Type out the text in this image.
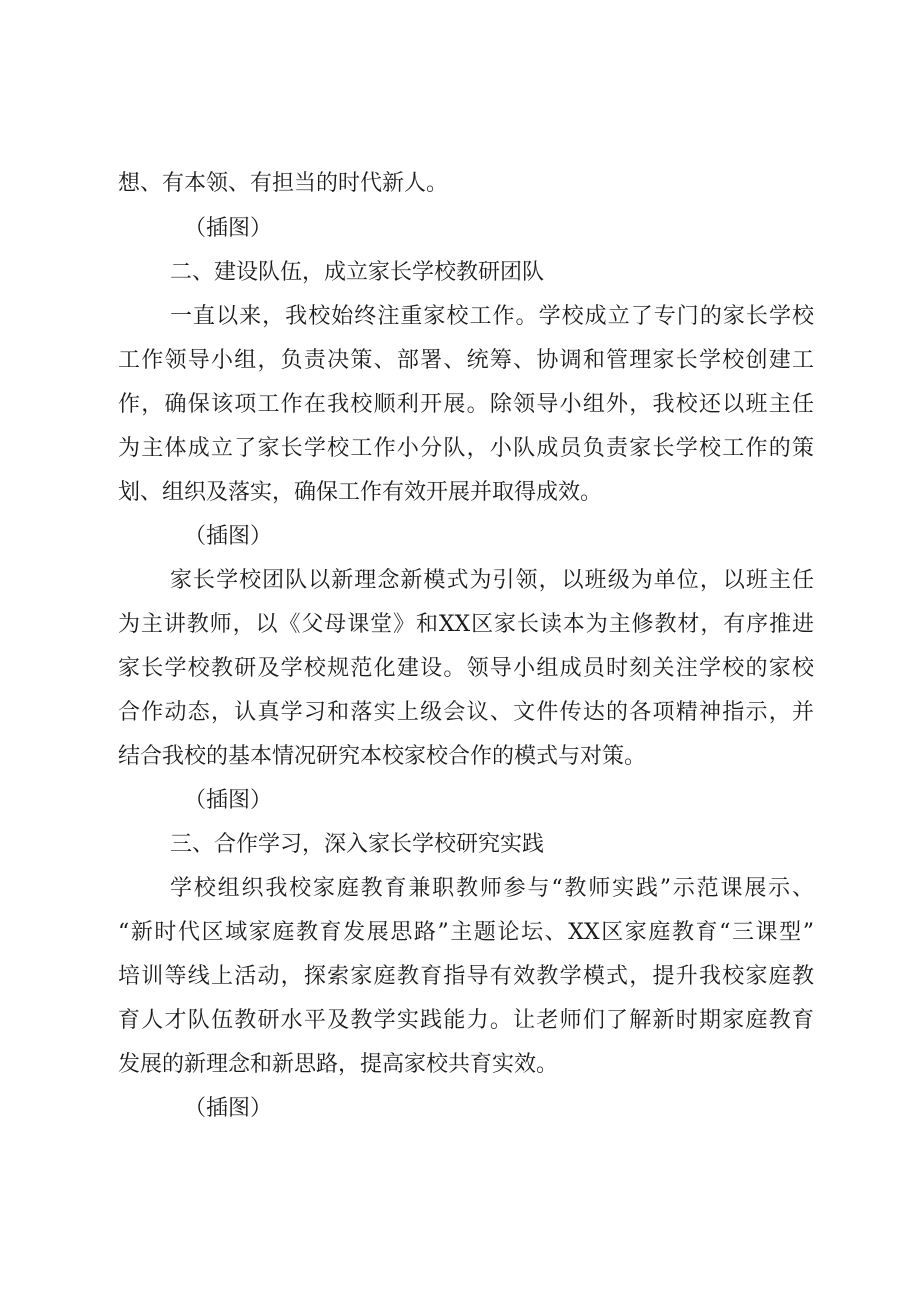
想、有本领、有担当的时代新人。
（插图）
二、建设队伍，成立家长学校教研团队
一直以来，我校始终注重家校工作。学校成立了专门的家长学校
工作领导小组，负责决策、部署、统筹、协调和管理家长学校创建工
作，确保该项工作在我校顺利开展。除领导小组外，我校还以班主任
为主体成立了家长学校工作小分队，小队成员负责家长学校工作的策
划、组织及落实，确保工作有效开展并取得成效。
（插图）
家长学校团队以新理念新模式为引领，以班级为单位，以班主任
为主讲教师，以《父母课堂》和XX区家长读本为主修教材，有序推进
家长学校教研及学校规范化建设。领导小组成员时刻关注学校的家校
合作动态，认真学习和落实上级会议、文件传达的各项精神指示，并
结合我校的基本情况研究本校家校合作的模式与对策。
（插图）
三、合作学习，深入家长学校研究实践
学校组织我校家庭教育兼职教师参与“教师实践”示范课展示、
“新时代区域家庭教育发展思路”主题论坛、XX区家庭教育“三课型”
培训等线上活动，探索家庭教育指导有效教学模式，提升我校家庭教
育人才队伍教研水平及教学实践能力。让老师们了解新时期家庭教育
发展的新理念和新思路，提高家校共育实效。
（插图）
